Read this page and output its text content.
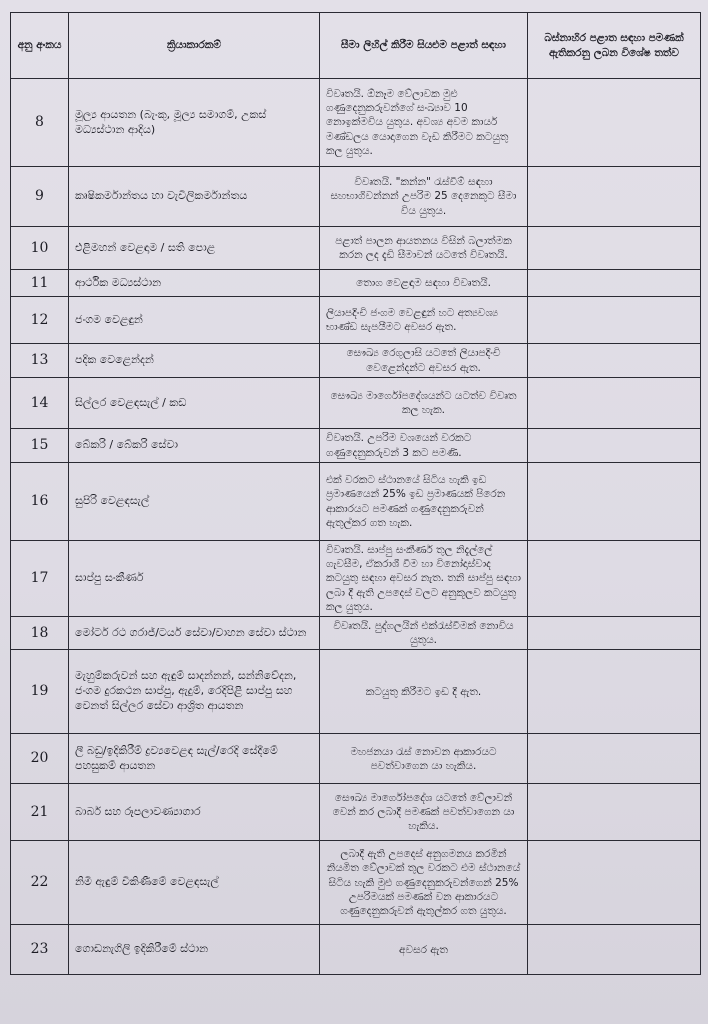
අනු අංකය	ක්‍රියාකාරකම්	සීමා ලිහිල් කිරීම සියළුම පළාත් සඳහා	බස්නාහිර පළාත සඳහා පමණක් ඇතිකරනු ලබන විශේෂ තත්ව
8	මූල්‍ය ආයතන (බැංකු, මූල්‍ය සමාගම්, උකස් මධ්‍යස්ථාන ආදිය)	විවෘතයි. ඕනෑම වේලාවක මුළු ගණුදෙනුකරුවන්ගේ සංඛ්‍යාව 10 නොඉක්මවිය යුතුය. අවශ්‍ය අවම කාර්ය මණ්ඩලය යොදාගෙන වැඩ කිරීමට කටයුතු කල යුතුය.	
9	කෘෂිකර්මාන්තය හා වැවිලිකර්මාන්තය	විවෘතයි. "කන්න" රැස්වීම් සඳහා සහභාගිවන්නන් උපරිම 25 දෙනෙකුට සීමා විය යුතුය.	
10	එළිමහන් වෙළඳාම / සති පොළ	පළාත් පාලන ආයතනය විසින් බලාත්මක කරන ලද දැඩි සීමාවන් යටතේ විවෘතයි.	
11	ආර්ථික මධ්‍යස්ථාන	තොග වෙළඳාම සඳහා විවෘතයි.	
12	ජංගම වෙළඳුන්	ලියාපදිංචි ජංගම වෙළඳුන් හට අත්‍යවශ්‍ය භාණ්ඩ සැපයීමට අවසර ඇත.	
13	පදික වෙළෙන්දන්	සෞඛ්‍ය රෙගුලාසි යටතේ ලියාපදිංචි වෙළෙන්දන්ට අවසර ඇත.	
14	සිල්ලර වෙළඳසැල් / කඩ	සෞඛ්‍ය මාර්ගෝපදේශයන්ට යටත්ව විවෘත කල හැක.	
15	බේකරි / බේකරි සේවා	විවෘතයි. උපරිම වශයෙන් වරකට ගණුදෙනුකරුවන් 3 කට පමණි.	
16	සුපිරි වෙළඳසැල්	එක් වරකට ස්ථානයේ සිටිය හැකි ඉඩ ප්‍රමාණයෙන් 25% ඉඩ ප්‍රමාණයක් පිරෙන ආකාරයට පමණක් ගණුදෙනුකරුවන් ඇතුල්කර ගත හැක.	
17	සාප්පු සංකීර්ණ	විවෘතයි. සාප්පු සංකීර්ණ තුල නිදැල්ලේ ගැවසීම, ඒකරාශී වීම හා විනෝදාස්වාද කටයුතු සඳහා අවසර නැත. තනි සාප්පු සඳහා ලබා දී ඇති උපදෙස් වලට අනුකූලව කටයුතු කල යුතුය.	
18	මෝටර් රථ ගරාජ්/ටයර් සේවා/වාහන සේවා ස්ථාන	විවෘතයි. පුද්ගලයින් එක්රැස්වීමක් නොවිය යුතුය.	
19	මැහුම්කරුවන් සහ ඇඳුම් සාදන්නන්, සන්නිවේදන, ජංගම දුරකථන සාප්පු, ඇදුම්, රෙදිපිළි සාප්පු සහ වෙනත් සිල්ලර සේවා ආශ්‍රිත ආයතන	කටයුතු කිරීමට ඉඩ දී ඇත.	
20	ලී බඩු/ඉදිකිරීම් ද්‍රව්‍යවෙළඳ සැල්/රෙදි සේදීමේ පහසුකම් ආයතන	මහජනයා රැස් නොවන ආකාරයට පවත්වාගෙන යා හැකිය.	
21	බාබර් සහ රූපලාවණ්‍යාගාර	සෞඛ්‍ය මාර්ගෝපදේශ යටතේ වේලාවන් වෙන් කර ලබාදී පමණක් පවත්වාගෙන යා හැකිය.	
22	නිමි ඇඳුම් විකිණීමේ වෙළඳසැල්	ලබාදී ඇති උපදෙස් අනුගමනය කරමින් නියමිත වේලාවක් තුල වරකට එම ස්ථානයේ සිටිය හැකි මුළු ගණුදෙනුකරුවන්ගෙන් 25% උපරිමයක් පමණක් වන ආකාරයට ගණුදෙනුකරුවන් ඇතුල්කර ගත යුතුය.	
23	ගොඩනැගිලි ඉදිකිරීමේ ස්ථාන	අවසර ඇත	
